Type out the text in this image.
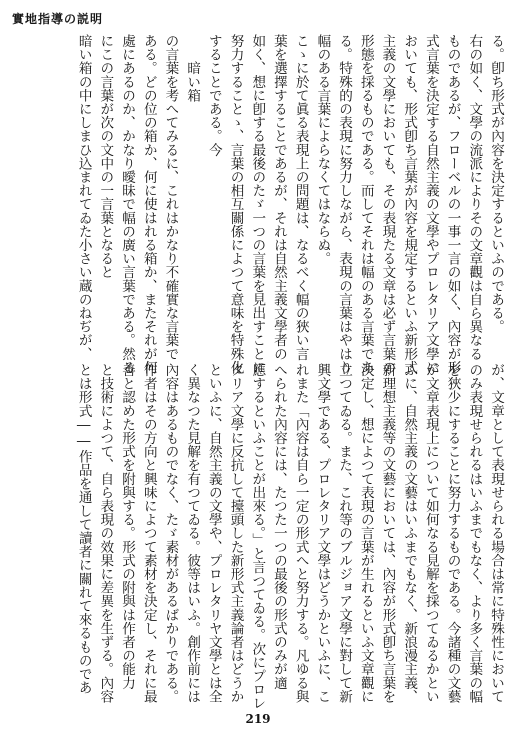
實地指導の説明
る。卽ち形式が內容を決定するといふのである。
右の如く、文學の流派によりその文章觀は自ら異なる
ものであるが、フローベルの一事一言の如く、內容が形
式言葉を決定する自然主義の文學やプロレタリア文學に
おいても、形式卽ち言葉が內容を規定するといふ新形式
主義の文學においても、その表現たる文章は必ず言葉の
形態を採るものである。而してそれは幅のある言葉であ
る。特殊的の表現に努力しながら、表現の言葉はやはり
幅のある言葉によらなくてはならぬ。
こゝに於て眞る表現上の問題は、なるべく幅の狹い言
葉を選擇することであるが、それは自然主義文學者の
如く、想に卽する最後のたゞ一つの言葉を見出すことに
努力することゝ、言葉の相互關係によつて意味を特殊化
することである。今
　　暗い箱
の言葉を考へてみるに、これはかなり不確實な言葉で
ある。どの位の箱か、何に使はれる箱か、またそれが何
處にあるのか、かなり曖昧で幅の廣い言葉である。然る
にこの言葉が次の文中の一言葉となると
暗い箱の中にしまひ込まれてゐた小さい蔵のねぢが、
が、文章として表現せられる場合は常に特殊性において
のみ表現せられるはいふまでもなく、より多く言葉の幅
を狹少にすることに努力するものである。今諸種の文藝
が文章表現上について如何なる見解を採つてゐるかとい
ふに、自然主義の文藝はいふまでもなく、新浪漫主義、
新理想主義等の文藝においては、內容が形式卽ち言葉を
決定し、想によつて表現の言葉が生れるといふ文章觀に
立つてゐる。また、これ等のブルジョア文學に對して新
興文學である、プロレタリア文學はどうかといふに、こ
れまた「內容は自ら一定の形式へと努力する。凡ゆる與
へられた內容には、たつた一つの最後の形式のみが適
應するといふことが出來る。」と言つてゐる。次にプロレ
タリア文學に反抗して擡頭した新形式主義論者はどうか
といふに、自然主義の文學や、プロレタリヤ文學とは全
く異なつた見解を有つてゐる。彼等はいふ。創作前には
內容はあるものでなく、たゞ素材があるばかりである。
作者はその方向と興味によつて素材を決定し、それに最
善と認めた形式を附與する。形式の附與は作者の能力
と技術によつて、自ら表現の效果に差異を生ずる。內容
とは形式――作品を通して讀者に關れて來るものであ
219
